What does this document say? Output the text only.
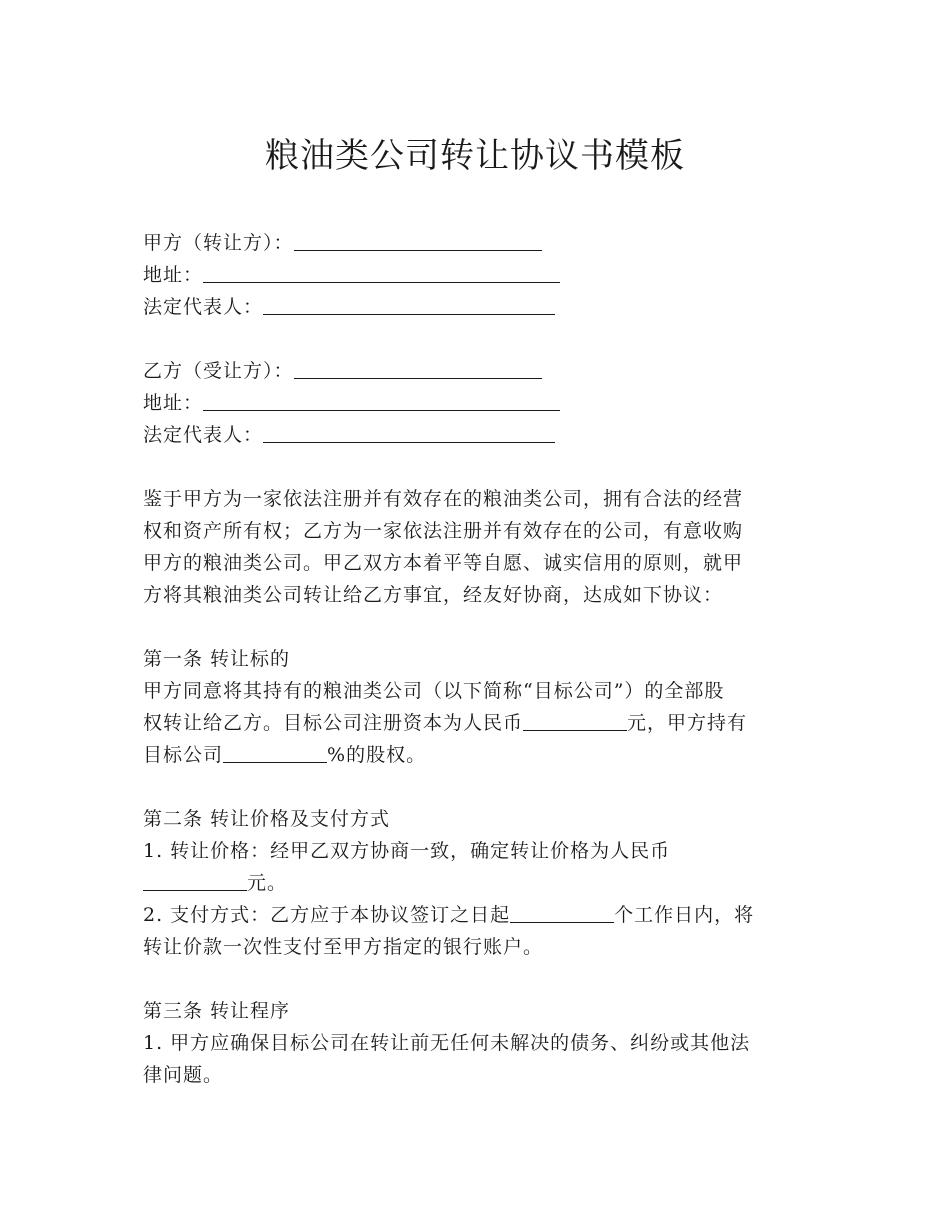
粮油类公司转让协议书模板

甲方（转让方）：

地址：

法定代表人：

乙方（受让方）：

地址：

法定代表人：

鉴于甲方为一家依法注册并有效存在的粮油类公司，拥有合法的经营

权和资产所有权；乙方为一家依法注册并有效存在的公司，有意收购

甲方的粮油类公司。甲乙双方本着平等自愿、诚实信用的原则，就甲

方将其粮油类公司转让给乙方事宜，经友好协商，达成如下协议：

第一条 转让标的

甲方同意将其持有的粮油类公司（以下简称“目标公司”）的全部股

权转让给乙方。目标公司注册资本为人民币	元，甲方持有

目标公司	%的股权。

第二条 转让价格及支付方式

1. 转让价格：经甲乙双方协商一致，确定转让价格为人民币

元。

2. 支付方式：乙方应于本协议签订之日起	个工作日内，将

转让价款一次性支付至甲方指定的银行账户。

第三条 转让程序

1. 甲方应确保目标公司在转让前无任何未解决的债务、纠纷或其他法

律问题。
